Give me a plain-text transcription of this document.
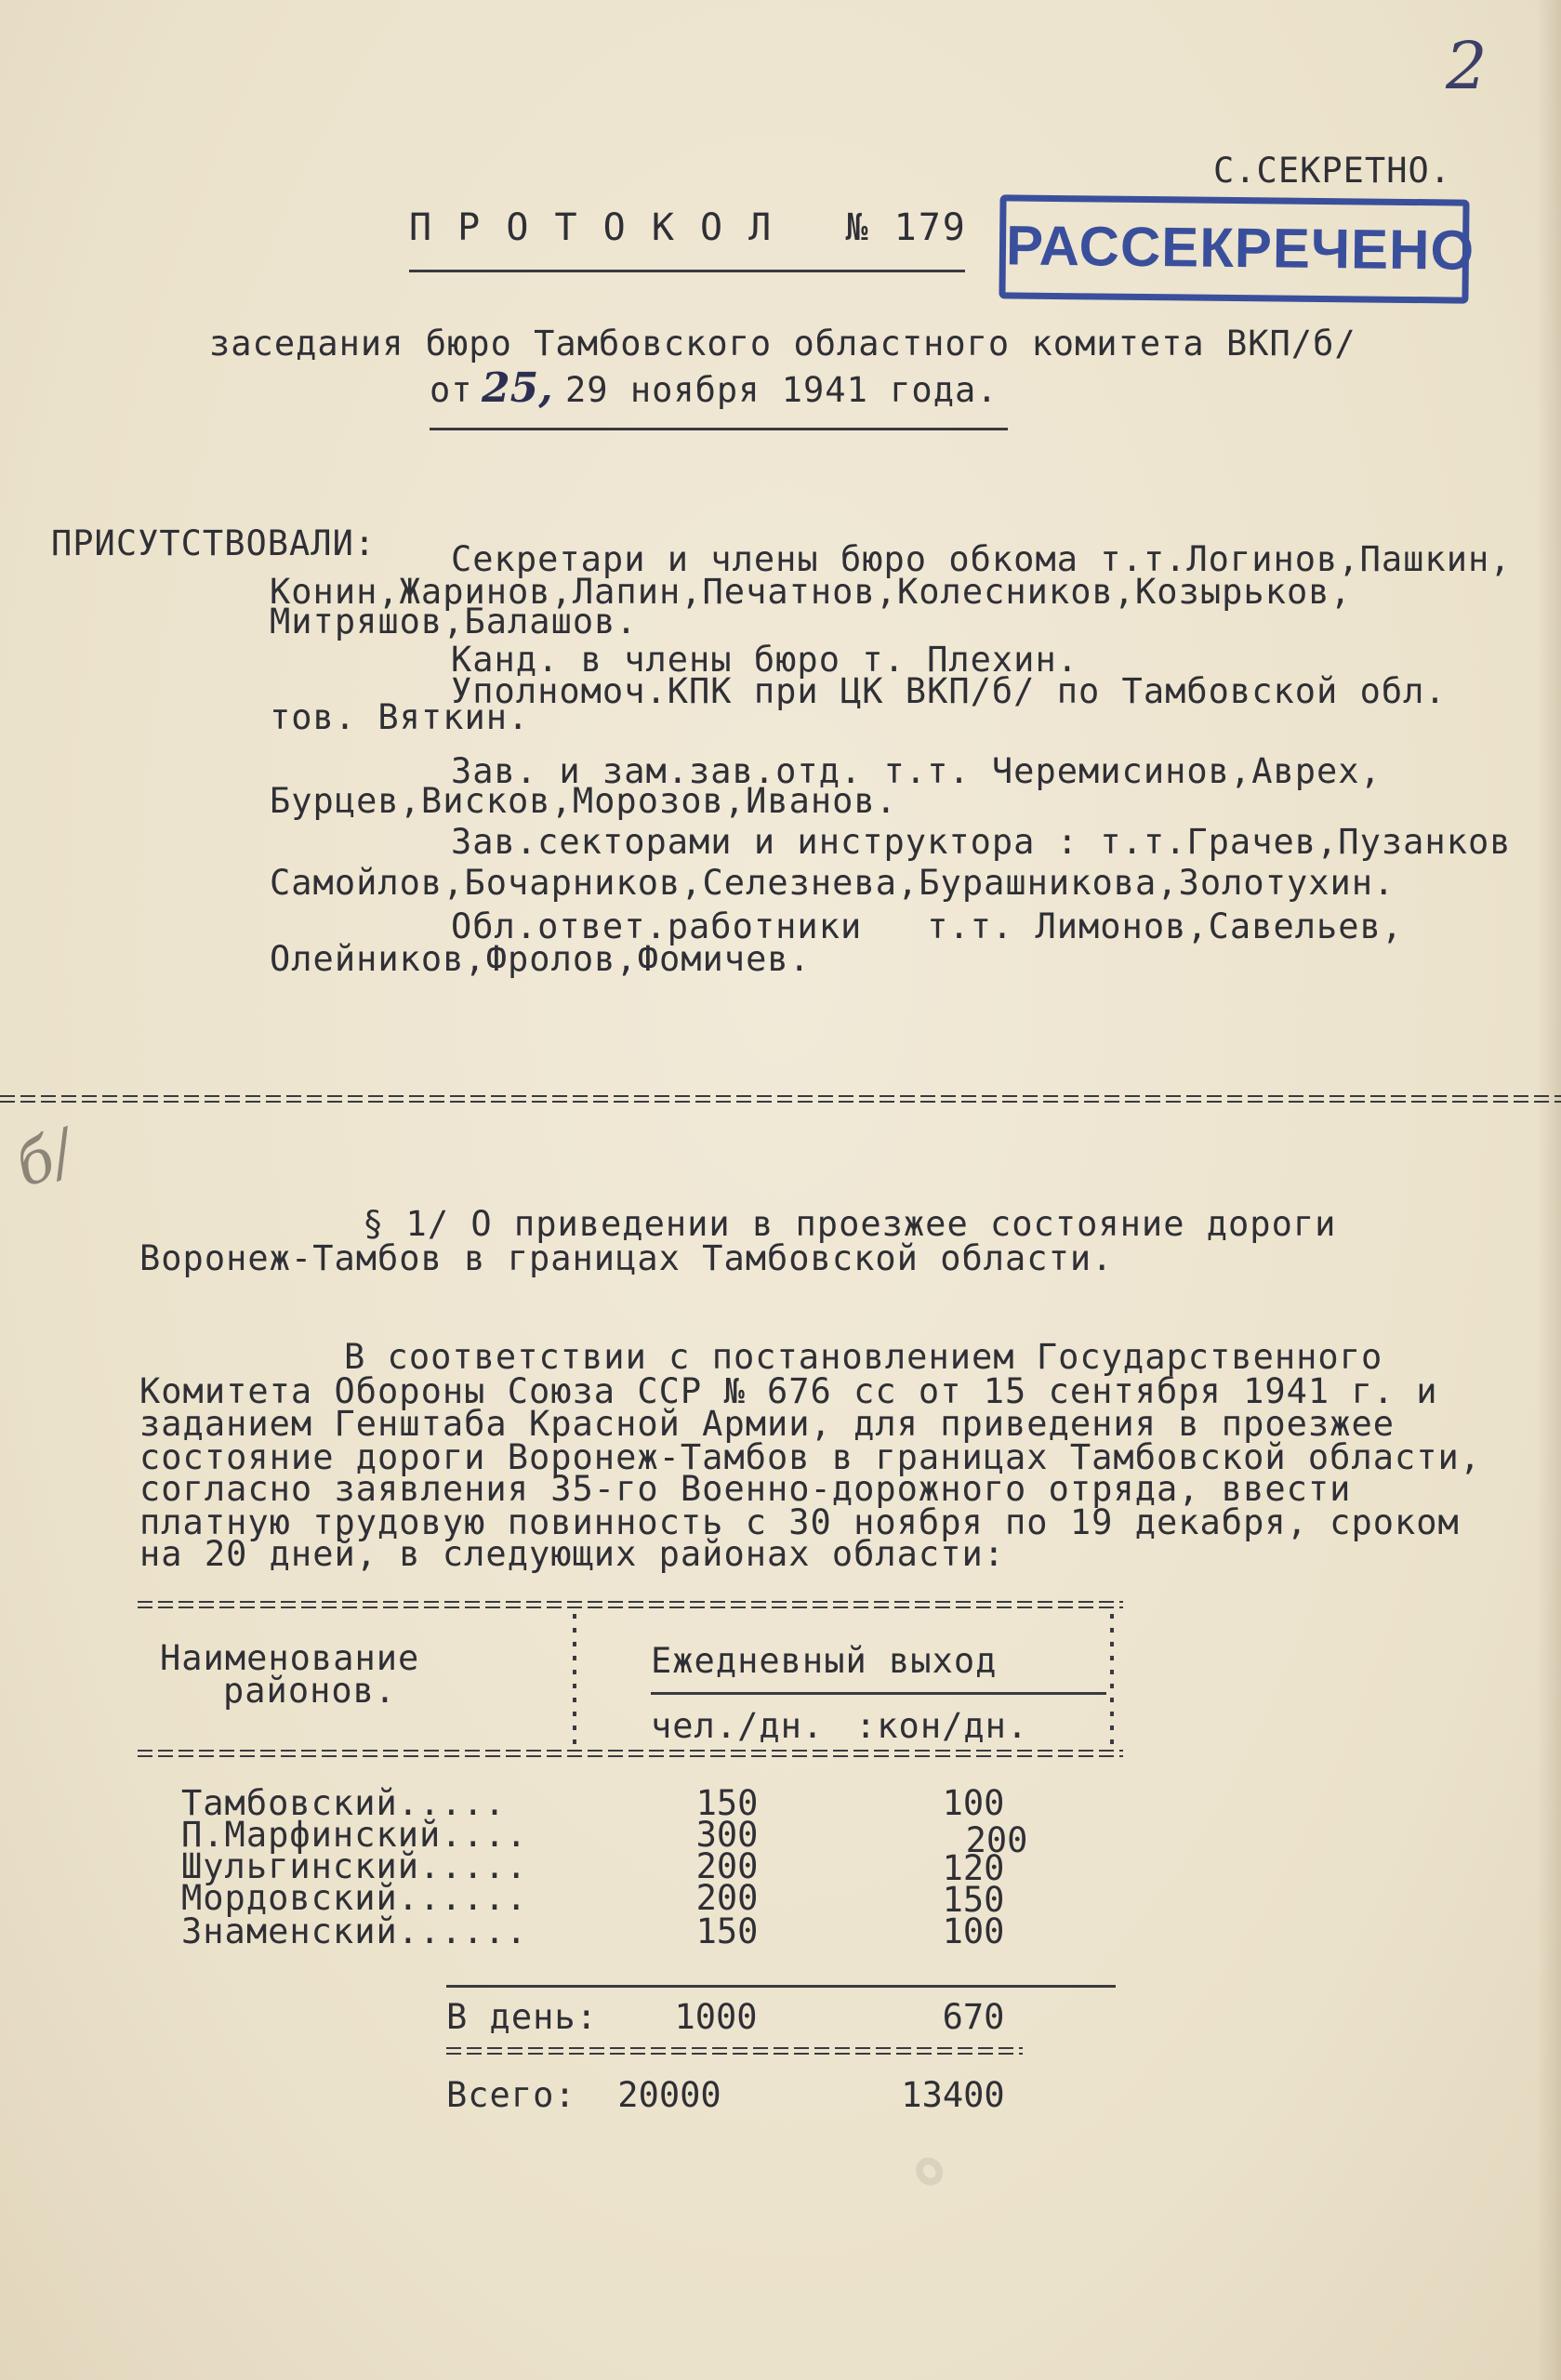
2
С.СЕКРЕТНО.
П Р О Т О К О Л   № 179 РАССЕКРЕЧЕНО
заседания бюро Тамбовского областного комитета ВКП/б/
от 25, 29 ноября 1941 года.
ПРИСУТСТВОВАЛИ: Секретари и члены бюро обкома т.т.Логинов,Пашкин,
Конин,Жаринов,Лапин,Печатнов,Колесников,Козырьков,
Митряшов,Балашов.
Канд. в члены бюро т. Плехин.
Уполномоч.КПК при ЦК ВКП/б/ по Тамбовской обл.
тов. Вяткин.
Зав. и зам.зав.отд. т.т. Черемисинов,Аврех,
Бурцев,Висков,Морозов,Иванов.
Зав.секторами и инструктора : т.т.Грачев,Пузанков
Самойлов,Бочарников,Селезнева,Бурашникова,Золотухин.
Обл.ответ.работники   т.т. Лимонов,Савельев,
Олейников,Фролов,Фомичев.
б/
§ 1/ О приведении в проезжее состояние дороги
Воронеж-Тамбов в границах Тамбовской области.
В соответствии с постановлением Государственного
Комитета Обороны Союза ССР № 676 сс от 15 сентября 1941 г. и
заданием Генштаба Красной Армии, для приведения в проезжее
состояние дороги Воронеж-Тамбов в границах Тамбовской области,
согласно заявления 35-го Военно-дорожного отряда, ввести
платную трудовую повинность с 30 ноября по 19 декабря, сроком
на 20 дней, в следующих районах области:
Наименование
районов.
Ежедневный выход
чел./дн. :кон/дн.
Тамбовский.....	150	100
П.Марфинский....	300	200
Шульгинский.....	200	120
Мордовский......	200	150
Знаменский......	150	100
В день:	1000	670
Всего:	20000	13400
ﾟ
